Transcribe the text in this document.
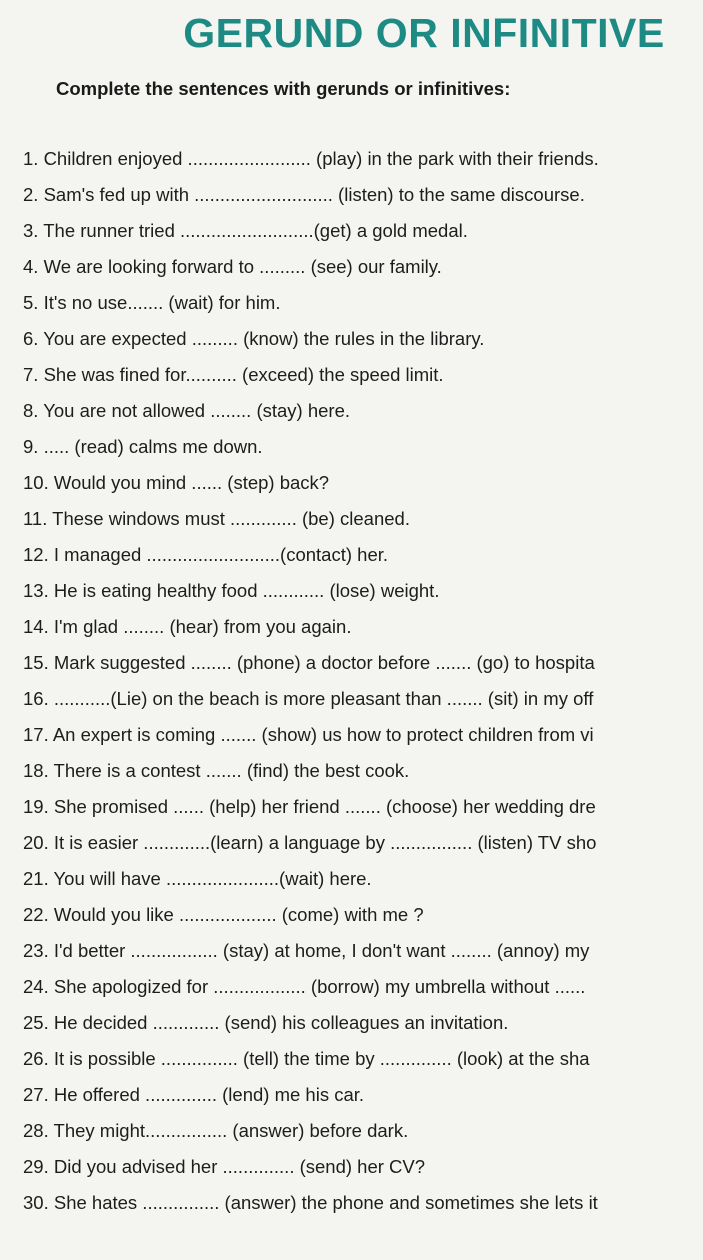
GERUND OR INFINITIVE
Complete the sentences with gerunds or infinitives:
1. Children enjoyed ........................ (play) in the park with their friends.
2. Sam's fed up with ........................... (listen) to the same discourse.
3. The runner tried ..........................(get) a gold medal.
4. We are looking forward to ......... (see) our family.
5. It's no use....... (wait) for him.
6. You are expected ......... (know) the rules in the library.
7. She was fined for.......... (exceed) the speed limit.
8. You are not allowed ........ (stay) here.
9. ..... (read) calms me down.
10. Would you mind ...... (step) back?
11. These windows must ............. (be) cleaned.
12. I managed ..........................(contact) her.
13. He is eating healthy food ............ (lose) weight.
14. I'm glad ........ (hear) from you again.
15. Mark suggested ........ (phone) a doctor before ....... (go) to hospita
16. ...........(Lie) on the beach is more pleasant than ....... (sit) in my off
17. An expert is coming ....... (show) us how to protect children from vi
18. There is a contest ....... (find) the best cook.
19. She promised ...... (help) her friend ....... (choose) her wedding dre
20. It is easier .............(learn) a language by ................ (listen) TV sho
21. You will have ......................(wait) here.
22. Would you like ................... (come) with me ?
23. I'd better ................. (stay) at home, I don't want ........ (annoy) my
24. She apologized for .................. (borrow) my umbrella without ......
25. He decided ............. (send) his colleagues an invitation.
26. It is possible ............... (tell) the time by .............. (look) at the sha
27. He offered .............. (lend) me his car.
28. They might................ (answer) before dark.
29. Did you advised her .............. (send) her CV?
30. She hates ............... (answer) the phone and sometimes she lets it
